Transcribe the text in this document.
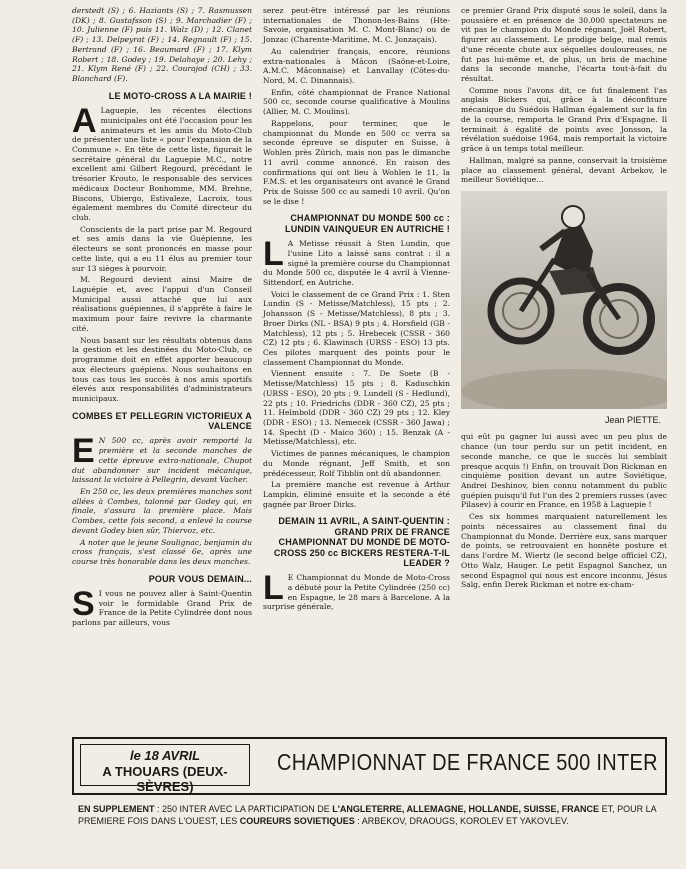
derstedt (S) ; 6. Haziants (S) ; 7. Rasmussen (DK) ; 8. Gustafsson (S) ; 9. Marchadier (F) ; 10. Julienne (F) puis 11. Walz (D) ; 12. Clanet (F) ; 13. Delpeyrat (F) ; 14. Regnault (F) ; 15. Bertrand (F) ; 16. Beaumard (F) ; 17. Klym Robert ; 18. Godey ; 19. Delahaye ; 20. Lehy ; 21. Klym René (F) ; 22. Courajod (CH) ; 33. Blanchard (F).

LE MOTO-CROSS A LA MAIRIE !
A Laguepie, les récentes élections municipales ont été l'occasion pour les animateurs et les amis du Moto-Club de présenter une liste « pour l'expansion de la Commune ». En tête de cette liste, figurait le secrétaire général du Laguepie M.C., notre excellent ami Gilbert Regourd, précédant le trésorier Krouto, le responsable des services médicaux Docteur Bonhomme, MM. Brehne, Biscons, Ubiergo, Estivaleze, Lacroix, tous également membres du Comité directeur du club.

Conscients de la part prise par M. Regourd et ses amis dans la vie Guépienne, les électeurs se sont prononcés en masse pour cette liste, qui a eu 11 élus au premier tour sur 13 sièges à pourvoir.

M. Regourd devient ainsi Maire de Laguépie et, avec l'appui d'un Conseil Municipal aussi attaché que lui aux réalisations guépiennes, il s'apprête à faire le maximum pour faire revivre la charmante cité.

Nous basant sur les résultats obtenus dans la gestion et les destinées du Moto-Club, ce programme doit en effet apporter beaucoup aux électeurs guépiens. Nous souhaitons en tous cas tous les succès à nos amis sportifs élevés aux responsabilités d'administrateurs municipaux.

COMBES ET PELLEGRIN VICTORIEUX A VALENCE
E N 500 cc, après avoir remporté la première et la seconde manches de cette épreuve extra-nationale, Chupot dut abandonner sur incident mécanique, laissant la victoire à Pellegrin, devant Vacher.

En 250 cc, les deux premières manches sont allées à Combes, talonné par Godey qui, en finale, s'assura la première place. Mais Combes, cette fois second, a enlevé la course devant Godey bien sûr, Thiervoz, etc.

A noter que le jeune Soulignac, benjamin du cross français, s'est classé 6e, après une course très honorable dans les deux manches.

POUR VOUS DEMAIN...
S I vous ne pouvez aller à Saint-Quentin voir le formidable Grand Prix de France de la Petite Cylindrée dont nous parlons par ailleurs, vous

serez peut-être intéressé par les réunions internationales de Thonon-les-Bains (Hte-Savoie, organisation M. C. Mont-Blanc) ou de Jonzac (Charente-Maritime, M. C. Jonzaçais).

Au calendrier français, encore, réunions extra-nationales à Mâcon (Saône-et-Loire, A.M.C. Mâconnaise) et Lanvallay (Côtes-du-Nord, M. C. Dinannais).

Enfin, côté championnat de France National 500 cc, seconde course qualificative à Moulins (Allier, M. C. Moulins).

Rappelons, pour terminer, que le championnat du Monde en 500 cc verra sa seconde épreuve se disputer en Suisse, à Wohlen près Zürich, mais non pas le dimanche 11 avril comme annoncé. En raison des confirmations qui ont lieu à Wohlen le 11, la F.M.S. et les organisateurs ont avancé le Grand Prix de Suisse 500 cc au samedi 10 avril. Qu'on se le dise !

CHAMPIONNAT DU MONDE 500 cc : LUNDIN VAINQUEUR EN AUTRICHE !
L A Metisse réussit à Sten Lundin, que l'usine Lito a laissé sans contrat : il a signé la première course du Championnat du Monde 500 cc, disputée le 4 avril à Vienne-Sittendorf, en Autriche.

Voici le classement de ce Grand Prix : 1. Sten Lundin (S - Metisse/Matchless), 15 pts ; 2. Johansson (S - Metisse/Matchless), 8 pts ; 3. Broer Dirks (NL - BSA) 9 pts ; 4. Horsfield (GB - Matchless), 12 pts ; 5. Hrebecek (CSSR - 360 CZ) 12 pts ; 6. Klawinsch (URSS - ESO) 13 pts. Ces pilotes marquent des points pour le classement Championnat du Monde.

Viennent ensuite : 7. De Soete (B - Metisse/Matchless) 15 pts ; 8. Kaduschkin (URSS - ESO), 20 pts ; 9. Lundell (S - Hedlund), 22 pts ; 10. Friedrichs (DDR - 360 CZ), 25 pts ; 11. Helmbold (DDR - 360 CZ) 29 pts ; 12. Kley (DDR - ESO) ; 13. Nemecek (CSSR - 360 Jawa) ; 14. Specht (D - Maico 360) ; 15. Benzak (A - Metisse/Matchless), etc.

Victimes de pannes mécaniques, le champion du Monde régnant, Jeff Smith, et son prédécesseur, Rolf Tibblin ont dû abandonner.

La première manche est revenue à Arthur Lampkin, éliminé ensuite et la seconde a été gagnée par Broer Dirks.

DEMAIN 11 AVRIL, A SAINT-QUENTIN : GRAND PRIX DE FRANCE CHAMPIONNAT DU MONDE DE MOTO-CROSS 250 cc BICKERS RESTERA-T-IL LEADER ?
L E Championnat du Monde de Moto-Cross a débuté pour la Petite Cylindrée (250 cc) en Espagne, le 28 mars à Barcelone. A la surprise générale,

ce premier Grand Prix disputé sous le soleil, dans la poussière et en présence de 30.000 spectateurs ne vit pas le champion du Monde régnant, Joël Robert, figurer au classement. Le prodige belge, mal remis d'une récente chute aux séquelles douloureuses, ne fut pas lui-même et, de plus, un bris de machine dans la seconde manche, l'écarta tout-à-fait du résultat.

Comme nous l'avons dit, ce fut finalement l'as anglais Bickers qui, grâce à la déconfiture mécanique du Suédois Hallman également sur la fin de la course, remporta le Grand Prix d'Espagne. Il terminait à égalité de points avec Jonsson, la révélation suédoise 1964, mais remportait la victoire grâce à un temps total meilleur.

Hallman, malgré sa panne, conservait la troisième place au classement général, devant Arbekov, le meilleur Soviétique...

Jean PIETTE.

qui eût pu gagner lui aussi avec un peu plus de chance (un tour perdu sur un petit incident, en seconde manche, ce que le succès lui semblait presque acquis !) Enfin, on trouvait Don Rickman en cinquième position devant un autre Soviétique, Andrei Deshinov, bien connu notamment du public guépien puisqu'il fut l'un des 2 premiers russes (avec Pilasev) à courir en France, en 1958 à Laguepie !

Ces six hommes marquaient naturellement les points nécessaires au classement final du Championnat du Monde. Derrière eux, sans marquer de points, se retrouvaient en honnête posture et dans l'ordre M. Wiertz (le second belge officiel CZ), Otto Walz, Hauger. Le petit Espagnol Sanchez, un second Espagnol qui nous est encore inconnu, Jésus Salg, enfin Derek Rickman et notre ex-cham-

le 18 AVRIL
A THOUARS (DEUX-SÈVRES)
CHAMPIONNAT DE FRANCE 500 INTER
EN SUPPLEMENT : 250 INTER AVEC LA PARTICIPATION DE L'ANGLETERRE, ALLEMAGNE, HOLLANDE, SUISSE, FRANCE ET, POUR LA PREMIERE FOIS DANS L'OUEST, LES COUREURS SOVIETIQUES : ARBEKOV, DRAOUGS, KOROLEV ET YAKOVLEV.
